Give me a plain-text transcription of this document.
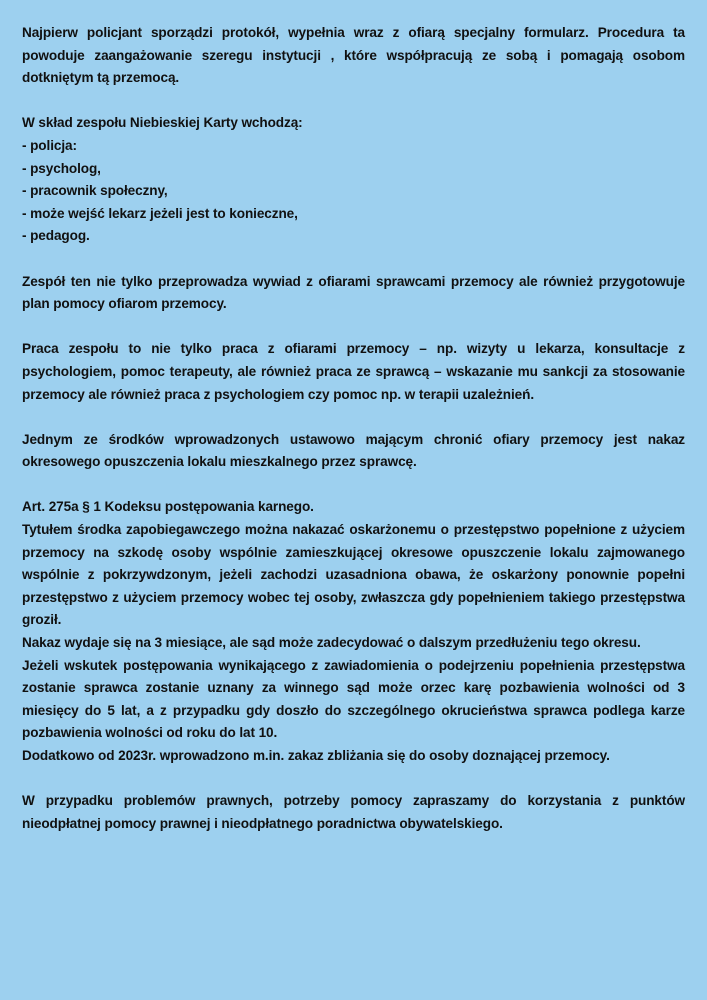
Najpierw policjant sporządzi protokół, wypełnia wraz z ofiarą specjalny formularz. Procedura ta powoduje zaangażowanie szeregu instytucji , które współpracują ze sobą i pomagają osobom dotkniętym tą przemocą.

W skład zespołu Niebieskiej Karty wchodzą:
- policja:
- psycholog,
- pracownik społeczny,
- może wejść lekarz jeżeli jest to konieczne,
- pedagog.

Zespół ten nie tylko przeprowadza wywiad z ofiarami sprawcami przemocy ale również przygotowuje plan pomocy ofiarom przemocy.

Praca zespołu to nie tylko praca z ofiarami przemocy – np. wizyty u lekarza, konsultacje z psychologiem, pomoc terapeuty, ale również praca ze sprawcą – wskazanie mu sankcji za stosowanie przemocy ale również praca z psychologiem czy pomoc np. w terapii uzależnień.

Jednym ze środków wprowadzonych ustawowo mającym chronić ofiary przemocy jest nakaz okresowego opuszczenia lokalu mieszkalnego przez sprawcę.

Art. 275a § 1 Kodeksu postępowania karnego.

Tytułem środka zapobiegawczego można nakazać oskarżonemu o przestępstwo popełnione z użyciem przemocy na szkodę osoby wspólnie zamieszkującej okresowe opuszczenie lokalu zajmowanego wspólnie z pokrzywdzonym, jeżeli zachodzi uzasadniona obawa, że oskarżony ponownie popełni przestępstwo z użyciem przemocy wobec tej osoby, zwłaszcza gdy popełnieniem takiego przestępstwa groził.

Nakaz wydaje się na 3 miesiące, ale sąd może zadecydować o dalszym przedłużeniu tego okresu.

Jeżeli wskutek postępowania wynikającego z zawiadomienia o podejrzeniu popełnienia przestępstwa zostanie sprawca zostanie uznany za winnego sąd może orzec karę pozbawienia wolności od 3 miesięcy do 5 lat, a z przypadku gdy doszło do szczególnego okrucieństwa sprawca podlega karze pozbawienia wolności od roku do lat 10.

Dodatkowo od 2023r. wprowadzono m.in. zakaz zbliżania się do osoby doznającej przemocy.

W przypadku problemów prawnych, potrzeby pomocy zapraszamy do korzystania z punktów nieodpłatnej pomocy prawnej i nieodpłatnego poradnictwa obywatelskiego.
